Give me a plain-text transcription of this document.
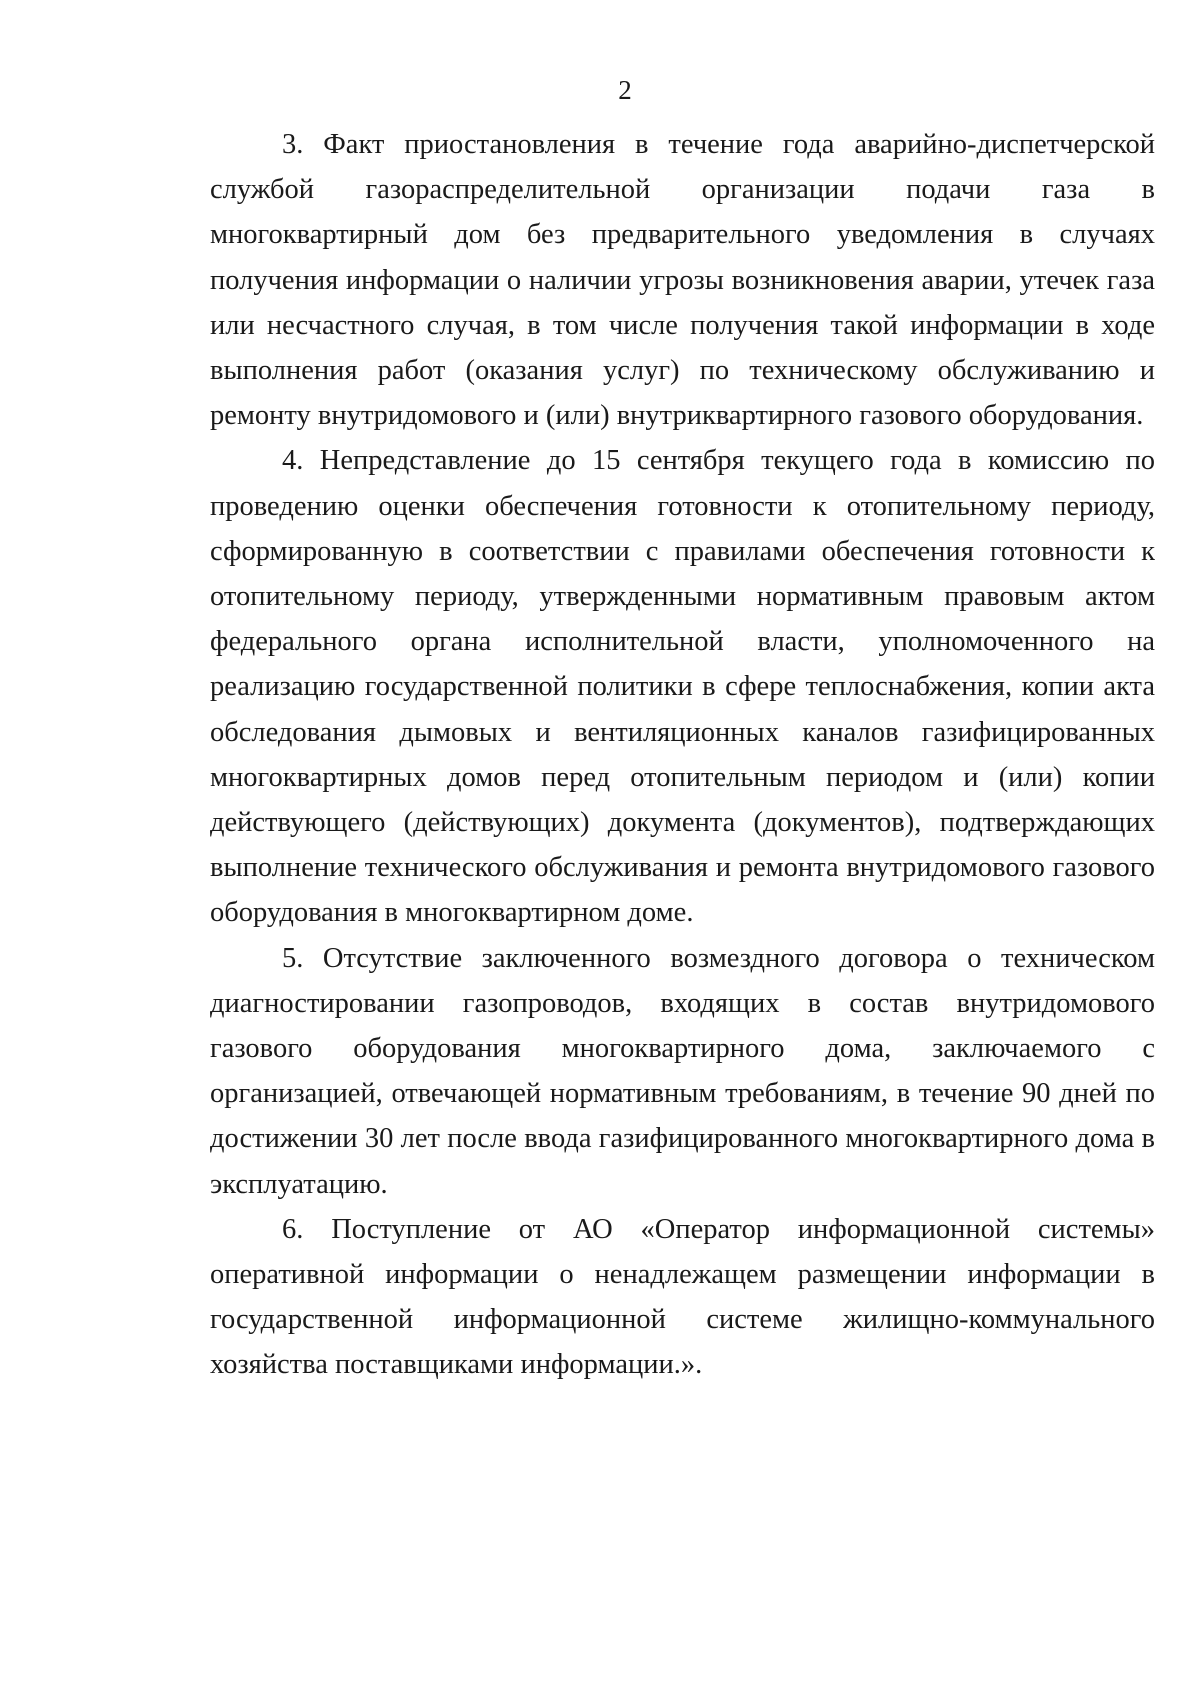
2

3. Факт приостановления в течение года аварийно-диспетчерской службой газораспределительной организации подачи газа в многоквартирный дом без предварительного уведомления в случаях получения информации о наличии угрозы возникновения аварии, утечек газа или несчастного случая, в том числе получения такой информации в ходе выполнения работ (оказания услуг) по техническому обслуживанию и ремонту внутридомового и (или) внутриквартирного газового оборудования.

4. Непредставление до 15 сентября текущего года в комиссию по проведению оценки обеспечения готовности к отопительному периоду, сформированную в соответствии с правилами обеспечения готовности к отопительному периоду, утвержденными нормативным правовым актом федерального органа исполнительной власти, уполномоченного на реализацию государственной политики в сфере теплоснабжения, копии акта обследования дымовых и вентиляционных каналов газифицированных многоквартирных домов перед отопительным периодом и (или) копии действующего (действующих) документа (документов), подтверждающих выполнение технического обслуживания и ремонта внутридомового газового оборудования в многоквартирном доме.

5. Отсутствие заключенного возмездного договора о техническом диагностировании газопроводов, входящих в состав внутридомового газового оборудования многоквартирного дома, заключаемого с организацией, отвечающей нормативным требованиям, в течение 90 дней по достижении 30 лет после ввода газифицированного многоквартирного дома в эксплуатацию.

6. Поступление от АО «Оператор информационной системы» оперативной информации о ненадлежащем размещении информации в государственной информационной системе жилищно-коммунального хозяйства поставщиками информации.».
